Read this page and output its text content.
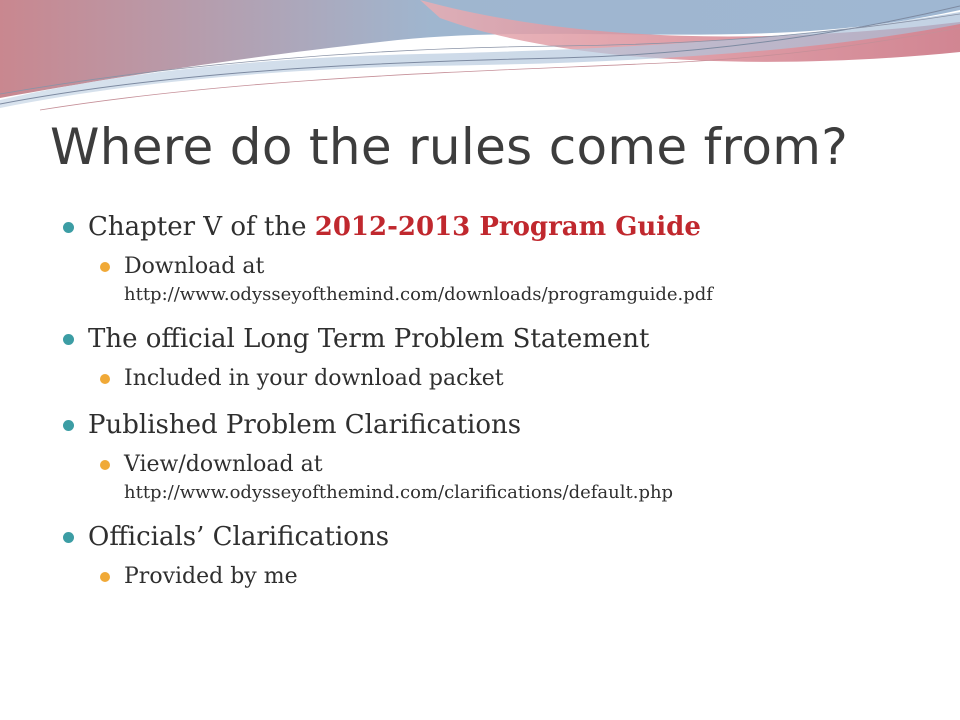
Where do the rules come from?
Chapter V of the 2012-2013 Program Guide
Download at
http://www.odysseyofthemind.com/downloads/programguide.pdf
The official Long Term Problem Statement
Included in your download packet
Published Problem Clarifications
View/download at
http://www.odysseyofthemind.com/clarifications/default.php
Officials’ Clarifications
Provided by me
